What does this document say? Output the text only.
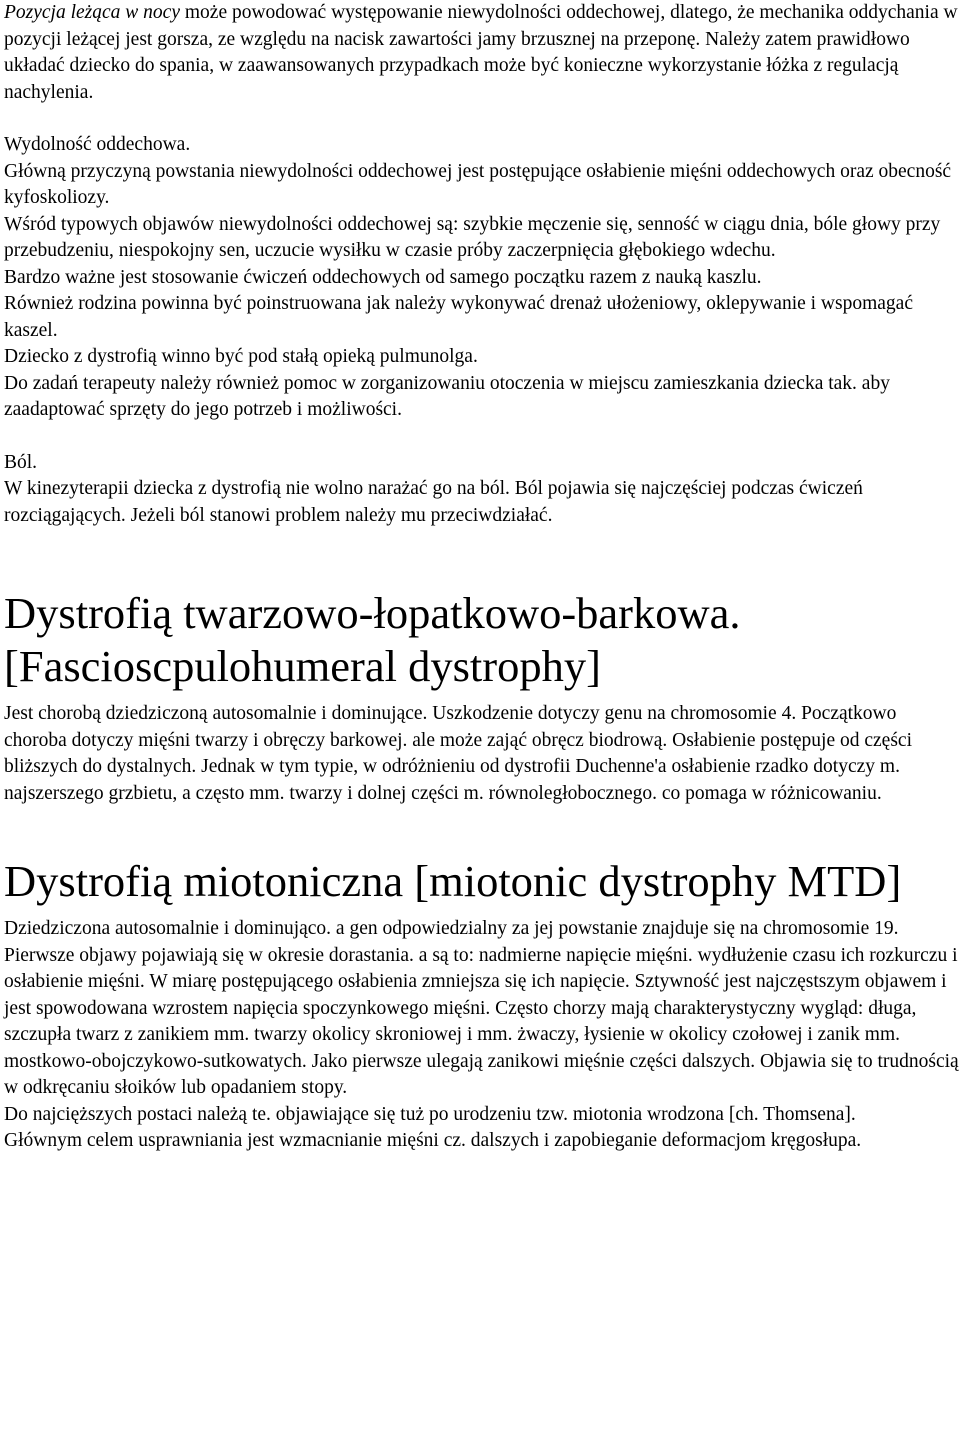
Pozycja leżąca w nocy może powodować występowanie niewydolności oddechowej, dlatego, że mechanika oddychania w pozycji leżącej jest gorsza, ze względu na nacisk zawartości jamy brzusznej na przeponę. Należy zatem prawidłowo układać dziecko do spania, w zaawansowanych przypadkach może być konieczne wykorzystanie łóżka z regulacją nachylenia.

Wydolność oddechowa.

Główną przyczyną powstania niewydolności oddechowej jest postępujące osłabienie mięśni oddechowych oraz obecność kyfoskoliozy.

Wśród typowych objawów niewydolności oddechowej są: szybkie męczenie się, senność w ciągu dnia, bóle głowy przy przebudzeniu, niespokojny sen, uczucie wysiłku w czasie próby zaczerpnięcia głębokiego wdechu.

Bardzo ważne jest stosowanie ćwiczeń oddechowych od samego początku razem z nauką kaszlu.

Również rodzina powinna być poinstruowana jak należy wykonywać drenaż ułożeniowy, oklepywanie i wspomagać kaszel.

Dziecko z dystrofią winno być pod stałą opieką pulmunolga.

Do zadań terapeuty należy również pomoc w zorganizowaniu otoczenia w miejscu zamieszkania dziecka tak. aby zaadaptować sprzęty do jego potrzeb i możliwości.

Ból.

W kinezyterapii dziecka z dystrofią nie wolno narażać go na ból. Ból pojawia się najczęściej podczas ćwiczeń rozciągających. Jeżeli ból stanowi problem należy mu przeciwdziałać.

Dystrofią twarzowo-łopatkowo-barkowa. [Fascioscpulohumeral dystrophy]

Jest chorobą dziedziczoną autosomalnie i dominujące. Uszkodzenie dotyczy genu na chromosomie 4. Początkowo choroba dotyczy mięśni twarzy i obręczy barkowej. ale może zająć obręcz biodrową. Osłabienie postępuje od części bliższych do dystalnych. Jednak w tym typie, w odróżnieniu od dystrofii Duchenne'a osłabienie rzadko dotyczy m. najszerszego grzbietu, a często mm. twarzy i dolnej części m. równoległobocznego. co pomaga w różnicowaniu.

Dystrofią miotoniczna [miotonic dystrophy MTD]

Dziedziczona autosomalnie i dominująco. a gen odpowiedzialny za jej powstanie znajduje się na chromosomie 19.

Pierwsze objawy pojawiają się w okresie dorastania. a są to: nadmierne napięcie mięśni. wydłużenie czasu ich rozkurczu i osłabienie mięśni. W miarę postępującego osłabienia zmniejsza się ich napięcie. Sztywność jest najczęstszym objawem i jest spowodowana wzrostem napięcia spoczynkowego mięśni. Często chorzy mają charakterystyczny wygląd: długa, szczupła twarz z zanikiem mm. twarzy okolicy skroniowej i mm. żwaczy, łysienie w okolicy czołowej i zanik mm. mostkowo-obojczykowo-sutkowatych. Jako pierwsze ulegają zanikowi mięśnie części dalszych. Objawia się to trudnością w odkręcaniu słoików lub opadaniem stopy.

Do najcięższych postaci należą te. objawiające się tuż po urodzeniu tzw. miotonia wrodzona [ch. Thomsena].

Głównym celem usprawniania jest wzmacnianie mięśni cz. dalszych i zapobieganie deformacjom kręgosłupa.
